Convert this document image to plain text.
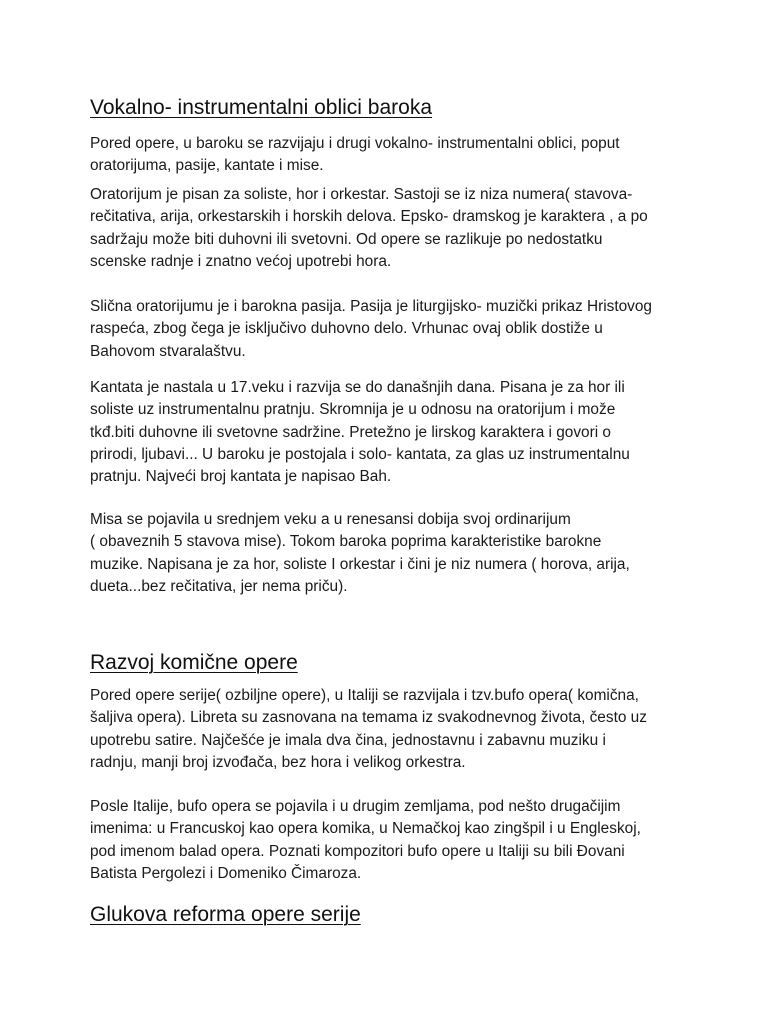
Vokalno- instrumentalni oblici baroka

Pored opere, u baroku se razvijaju i drugi vokalno- instrumentalni oblici, poput
oratorijuma, pasije, kantate i mise.

Oratorijum je pisan za soliste, hor i orkestar. Sastoji se iz niza numera( stavova-
rečitativa, arija, orkestarskih i horskih delova. Epsko- dramskog je karaktera , a po
sadržaju može biti duhovni ili svetovni. Od opere se razlikuje po nedostatku
scenske radnje i znatno većoj upotrebi hora.

Slična oratorijumu je i barokna pasija. Pasija je liturgijsko- muzički prikaz Hristovog
raspeća, zbog čega je isključivo duhovno delo. Vrhunac ovaj oblik dostiže u
Bahovom stvaralaštvu.

Kantata je nastala u 17.veku i razvija se do današnjih dana. Pisana je za hor ili
soliste uz instrumentalnu pratnju. Skromnija je u odnosu na oratorijum i može
tkđ.biti duhovne ili svetovne sadržine. Pretežno je lirskog karaktera i govori o
prirodi, ljubavi... U baroku je postojala i solo- kantata, za glas uz instrumentalnu
pratnju. Najveći broj kantata je napisao Bah.

Misa se pojavila u srednjem veku a u renesansi dobija svoj ordinarijum
( obaveznih 5 stavova mise). Tokom baroka poprima karakteristike barokne
muzike. Napisana je za hor, soliste I orkestar i čini je niz numera ( horova, arija,
dueta...bez rečitativa, jer nema priču).

Razvoj komične opere

Pored opere serije( ozbiljne opere), u Italiji se razvijala i tzv.bufo opera( komična,
šaljiva opera). Libreta su zasnovana na temama iz svakodnevnog života, često uz
upotrebu satire. Najčešće je imala dva čina, jednostavnu i zabavnu muziku i
radnju, manji broj izvođača, bez hora i velikog orkestra.

Posle Italije, bufo opera se pojavila i u drugim zemljama, pod nešto drugačijim
imenima: u Francuskoj kao opera komika, u Nemačkoj kao zingšpil i u Engleskoj,
pod imenom balad opera. Poznati kompozitori bufo opere u Italiji su bili Đovani
Batista Pergolezi i Domeniko Čimaroza.

Glukova reforma opere serije
